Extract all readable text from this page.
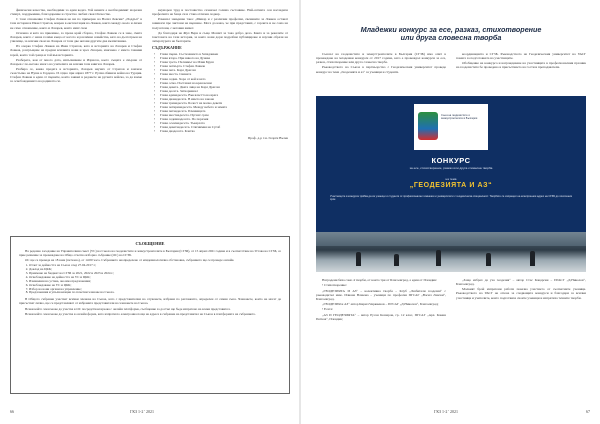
физически качества, необходими за един водач. Той винаги е необходимият морален стимул, поддръжник, благодарение и страстно любил своя Отечество.

С тази отношение Стефан Ловков не ни по примерно на Васил Левски? „Поддъп“ в тази история и Иван Стрисов, коврен в експлотация на Ловков, които между около и личен не само отношение, както и Лазарев, които имат своя

Основно и като на приемане, за прове край сборно, Стефан Ловков се в знае, смята Лазарев, които с наша голяма къща от когото и различни семейства, като на дълготраен на училище, за всички свои на Лазарев от тези две негови другите два възпитаника.

Из очерка Стефан Ловков на Иван Стрисов, като и историята на Лазарев и Стефан Ловков, разгръщаме на предни всичките нови и чрез Лазарев, изяснено с името главния герой, които той среща и той във историята.

Разберете, кои от много дата, изпълняваме и Изрисов, което същата е свързан от Лазарев с по-негово много на учителите на всички тези книги в Лазарев.

Разбира се, каква прадата в историята, Лазарев научих от Стрисов и замлезе съзастъпко на Нуше в Гордено. И отдно при април 1877 г. Русия обявила война на Турция. Стефан Ловков в един от първите, които заявил в редовете на руската войска, за да вземе за освобождението на родината си.

неуморен труд и постоянство сечнечел голяма състояние. Най-сетните сен наследила професията на баща си и става отличен лодкар.

Романът завършва така: „Минар и с различни професии, свечините за Ловков остават завинаги пре чистени на вършене. Мога да кажа, че при представих, с героите и не само на полусетени, с неговия живот.

Да благодаря на Жул Верн и също Мошит за това добро дело. Както и за рекалите от текстовете на тази история, за която нови дори подробни публициране и научни образи на литературата на българите.

СЪДЪРЖАНИЕ
• Глава първа. Състезанието в Западанкен
• Глава втора. При някого на Дунава
• Глава трета. Пътникът на Илия Бруш
• Глава четвърта. Стефан Ловков
• Глава пета. Карл Драгош
• Глава шеста. Свинете
• Глава седма. Хора от кой и като
• Глава осма. Поставил на края везни
• Глава девета. Двата лица на Карл Драгош
• Глава десета. Затворникът
• Глава единадесета. Във властта на врага
• Глава дванадесета. В името на закона
• Глава тринадесета. Болест на малко девети
• Глава четиринадесета. Между небето и земята
• Глава петнадесета. Пленницата
• Глава шестнадесета. Пуснат срам
• Глава седемнадесета. По поречия
• Глава осемнадесета. Тъкарзата
• Глава деветнадесета. Стягнимия на Сугаб
• Глава двадесета. Клетва
Проф. д-р т.н. Георги Вълев
СЪОБЩЕНИЕ

На редовно заседание на Управителния съвет (УС) на Съюза на геодезистите и земеустроителите в България (СГЗБ), от 15 април 2021 година и в съответствие на Устава на СГЗБ, се прие решение за провеждане на Общо отчетно изборно събрание (ОС) на СГЗБ.

ОС ще се проведе на 18 юни (петъчно), от 14:00 часа. Събранието неопределено от епидемиологична обстановка, събранието ще се проведе онлайн.

1. Отчет за дейността на Съюза след 27.04.2017 г.;
2. Доклад на ЦКК;
3. Приемане на бюджет на СГЗБ за 2021, 2022 и 2023 и 2024 г.;
4. Освобождаване на дейността на УС и ЦКК;
5. Изменения на устава, ако има предложения;
6. Освобождаване на УС и ЦКК;
7. Избор на нови органи на управление;
8. Предложения и упълномощие по почетни членове на Съюза.

В Общото събрание участват всички членове на Съюза, като с представителни на служовете, избрани по регламента, определен от самия съюз. Членовете, които не могат да присъстват лично, ще се представляват от избраните представители на членовете на Съюза.

Всеки който член може да участва в ОС посредством връзка с онлайн платформа, съобщение за достъп ще бъде изпратено на всеки представител.

Всеки който член може да участва в онлайн форма, като изпрати по електронна поща на адреса в събрание на представител на Съюза в платформата на събранието.

66	ГКЗ 1-2 ' 2021
Младежки конкурс за есе, разказ, стихотворение
или друга словесна творба

Съюзът на геодезистите и земеустроителите в България (СГЗБ) има опит в провеждане на младежки конкурси от 2017 година, като е провеждал конкурси за есе, разказ, стихотворение или друга словесна творба.

Ръководството на Съюза в партньорство с Геодезическия университет проведе конкурс на тема „Геодезията и аз“ за ученици и студенти.

координацията и СГЗБ. Ръководството на Геодезическия университет на УАСГ помага за подготовката на участниците.

Обобщение на конкурса и награждаване на участниците в професионалния празник на геодезистите бе проведено в присъствието на гости и преподаватели.

Съюз на геодезистите и земеустроителите в България
КОНКУРС
за есе, стихотворение, разказ или друга словесна творба
на тема
„ГЕОДЕЗИЯТА И АЗ“
Участниците в конкурса трябва да са ученици и студенти от професионални гимназии и университети с геодезическа специалност. Творбите се изпращат на електронния адрес на СГЗБ до посочения срок.

Наградени бяха само 4 творби, от които три от Благоевград, а един от Пловдив:

• Стихотворение:

„ГЕОДЕЗИЯТА И АЗ“ – колективна творба – Клуб „Любители геодезия“ с ръководител инж. Илиана Вачкова – ученици по професия ПГСАГ „Васил Левски“, Благоевград.

„ГЕОДЕЗИЯ и АЗ“ автор Кирил Черквенов – ПГСАГ „Д.Николов“, Благоевград;

• Есета:

„АЗ И ГЕОДЕЗИЯТА“ – автор Русан Кошаров, гр. 12 клас, ПГСАГ „Арх. Камен Петков“, Пловдив;

„Защо избрах да уча геодезия“ – автор Стас Кацарски – ПГАСГ „Д.Николов“, Благоевград.

Малкият брой изпратени работи показва участието от съответните ученици. Ръководството на УАСГ не отказа за следващите конкурси и благодари за всички участници и учителите, които подготвиха своите ученици и изпратиха техните творби.

ГКЗ 1-2 ' 2021	67
